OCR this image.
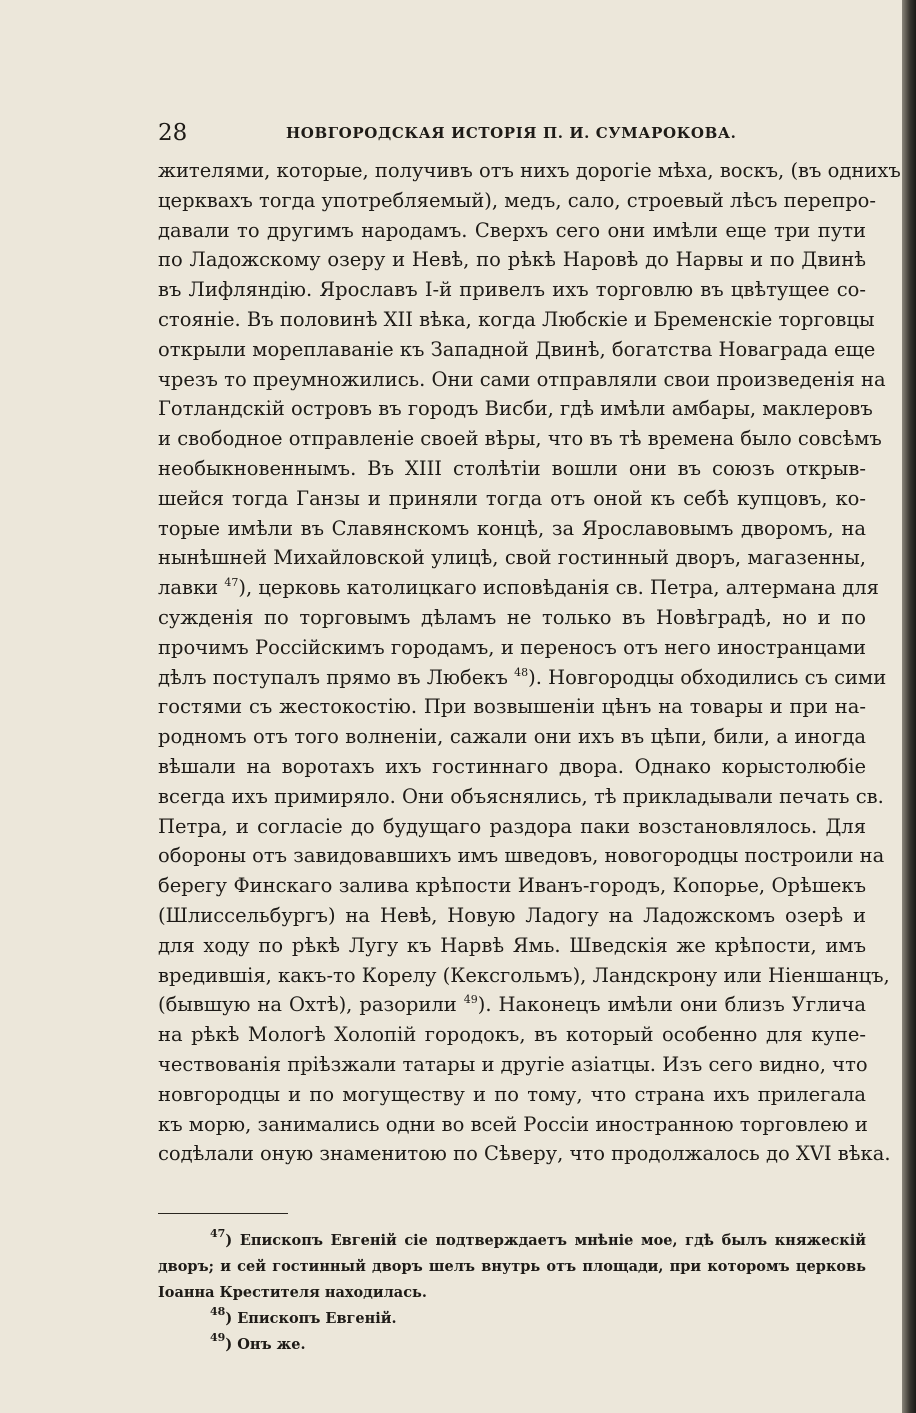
28	НОВГОРОДСКАЯ ИСТОРІЯ П. И. СУМАРОКОВА.
жителями, которые, получивъ отъ нихъ дорогіе мѣха, воскъ, (въ однихъ
церквахъ тогда употребляемый), медъ, сало, строевый лѣсъ перепро-
давали то другимъ народамъ. Сверхъ сего они имѣли еще три пути
по Ладожскому озеру и Невѣ, по рѣкѣ Наровѣ до Нарвы и по Двинѣ
въ Лифляндію. Ярославъ I-й привелъ ихъ торговлю въ цвѣтущее со-
стояніе. Въ половинѣ XII вѣка, когда Любскіе и Бременскіе торговцы
открыли мореплаваніе къ Западной Двинѣ, богатства Новаграда еще
чрезъ то преумножились. Они сами отправляли свои произведенія на
Готландскій островъ въ городъ Висби, гдѣ имѣли амбары, маклеровъ
и свободное отправленіе своей вѣры, что въ тѣ времена было совсѣмъ
необыкновеннымъ. Въ XIII столѣтіи вошли они въ союзъ открыв-
шейся тогда Ганзы и приняли тогда отъ оной къ себѣ купцовъ, ко-
торые имѣли въ Славянскомъ концѣ, за Ярославовымъ дворомъ, на
нынѣшней Михайловской улицѣ, свой гостинный дворъ, магазенны,
лавки $^{47}$), церковь католицкаго исповѣданія св. Петра, алтермана для
сужденія по торговымъ дѣламъ не только въ Новѣградѣ, но и по
прочимъ Россійскимъ городамъ, и переносъ отъ него иностранцами
дѣлъ поступалъ прямо въ Любекъ $^{48}$). Новгородцы обходились съ сими
гостями съ жестокостію. При возвышеніи цѣнъ на товары и при на-
родномъ отъ того волненіи, сажали они ихъ въ цѣпи, били, а иногда
вѣшали на воротахъ ихъ гостиннаго двора. Однако корыстолюбіе
всегда ихъ примиряло. Они объяснялись, тѣ прикладывали печать св.
Петра, и согласіе до будущаго раздора паки возстановлялось. Для
обороны отъ завидовавшихъ имъ шведовъ, новогородцы построили на
берегу Финскаго залива крѣпости Иванъ-городъ, Копорье, Орѣшекъ
(Шлиссельбургъ) на Невѣ, Новую Ладогу на Ладожскомъ озерѣ и
для ходу по рѣкѣ Лугу къ Нарвѣ Ямь. Шведскія же крѣпости, имъ
вредившія, какъ-то Корелу (Кексгольмъ), Ландскрону или Ніеншанцъ,
(бывшую на Охтѣ), разорили $^{49}$). Наконецъ имѣли они близъ Углича
на рѣкѣ Мологѣ Холопій городокъ, въ который особенно для купе-
чествованія пріѣзжали татары и другіе азіатцы. Изъ сего видно, что
новгородцы и по могуществу и по тому, что страна ихъ прилегала
къ морю, занимались одни во всей Россіи иностранною торговлею и
содѣлали оную знаменитою по Сѣверу, что продолжалось до XVI вѣка.
$^{47}$) Епископъ Евгеній сіе подтверждаетъ мнѣніе мое, гдѣ былъ княжескій
дворъ; и сей гостинный дворъ шелъ внутрь отъ площади, при которомъ церковь
Іоанна Крестителя находилась.
$^{48}$) Епископъ Евгеній.
$^{49}$) Онъ же.
